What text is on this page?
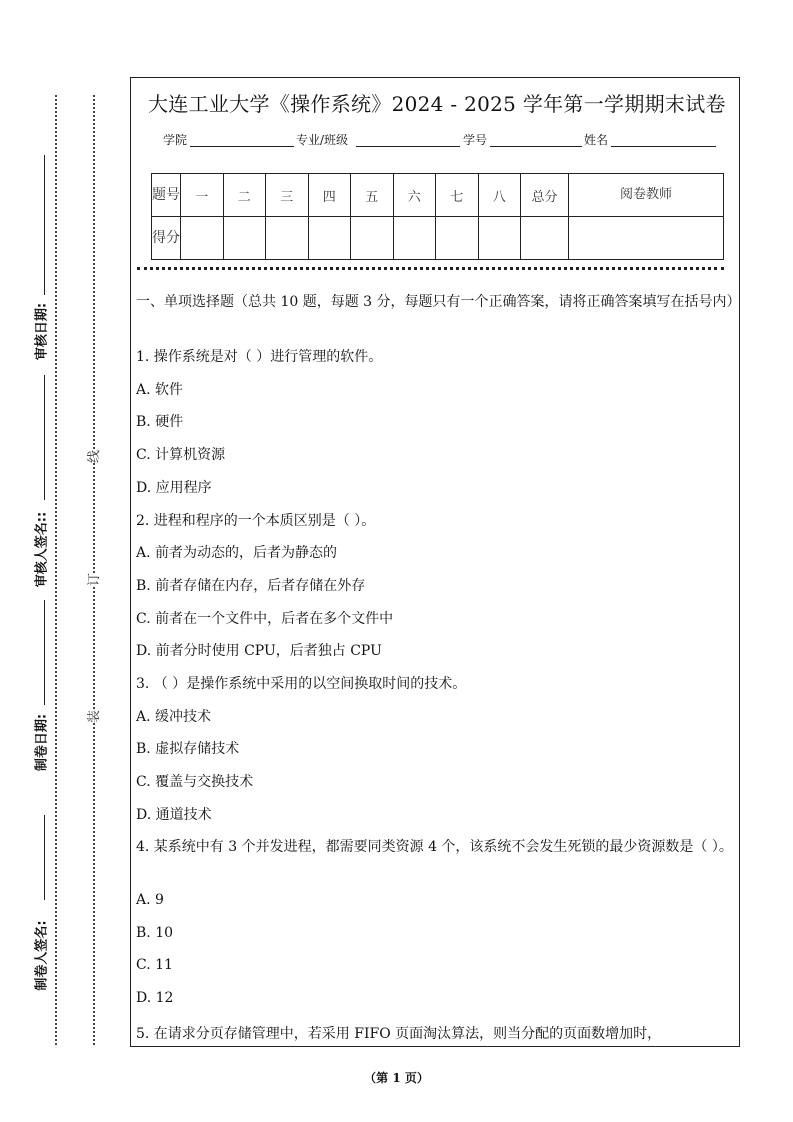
线
订
装
审核日期:
审核人签名::
制卷日期:
制卷人签名:
大连工业大学《操作系统》2024 - 2025 学年第一学期期末试卷
学院	专业/班级	学号	姓名
题号	一	二	三	四	五	六	七	八	总分	阅卷教师
得分										
一、单项选择题（总共 10 题，每题 3 分，每题只有一个正确答案，请将正确答案填写在括号内）
1. 操作系统是对（ ）进行管理的软件。
A. 软件
B. 硬件
C. 计算机资源
D. 应用程序
2. 进程和程序的一个本质区别是（ ）。
A. 前者为动态的，后者为静态的
B. 前者存储在内存，后者存储在外存
C. 前者在一个文件中，后者在多个文件中
D. 前者分时使用 CPU，后者独占 CPU
3. （ ）是操作系统中采用的以空间换取时间的技术。
A. 缓冲技术
B. 虚拟存储技术
C. 覆盖与交换技术
D. 通道技术
4. 某系统中有 3 个并发进程，都需要同类资源 4 个，该系统不会发生死锁的最少资源数是（ ）。
A. 9
B. 10
C. 11
D. 12
5. 在请求分页存储管理中，若采用 FIFO 页面淘汰算法，则当分配的页面数增加时，
（第 1 页）
